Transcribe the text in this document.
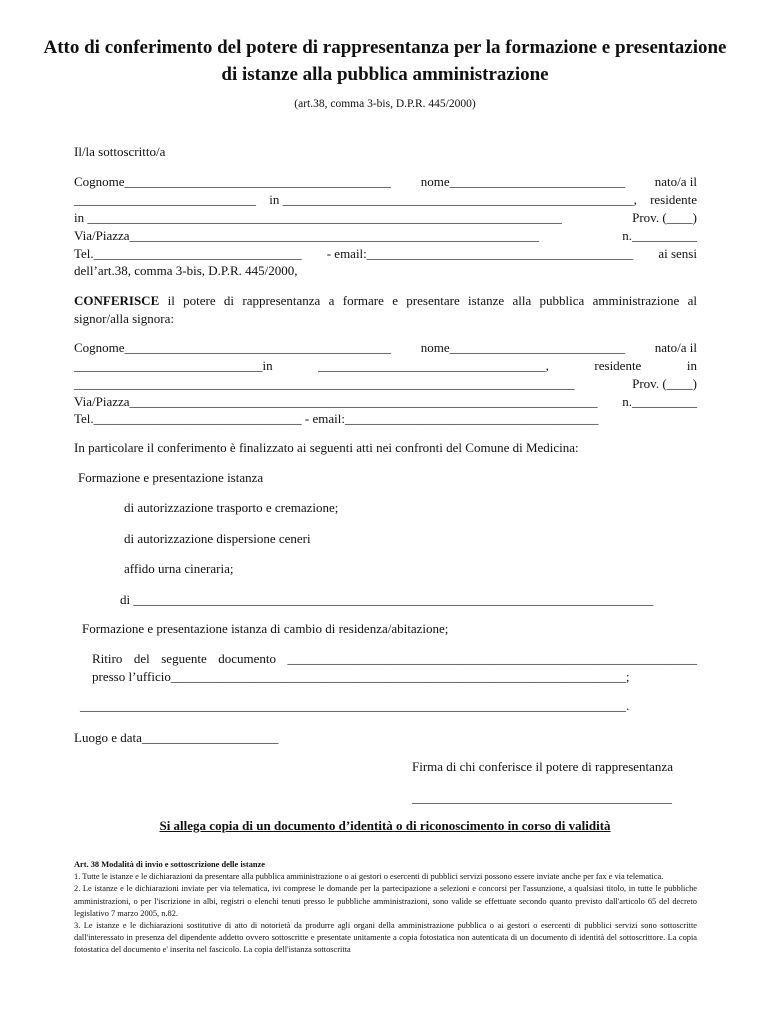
Atto di conferimento del potere di rappresentanza per la formazione e presentazione di istanze alla pubblica amministrazione
(art.38, comma 3-bis, D.P.R. 445/2000)
Il/la sottoscritto/a
Cognome_________________________________________ nome___________________________ nato/a il
____________________________ in ______________________________________________________, residente
in _________________________________________________________________________	Prov. (____)
Via/Piazza_______________________________________________________________	n.__________
Tel.________________________________ - email:_________________________________________ ai sensi
dell’art.38, comma 3-bis, D.P.R. 445/2000,
CONFERISCE il potere di rappresentanza a formare e presentare istanze alla pubblica amministrazione al
signor/alla signora:
Cognome_________________________________________ nome___________________________ nato/a il
_____________________________in	___________________________________,	residente	in
_____________________________________________________________________________	Prov. (____)
Via/Piazza________________________________________________________________________ n.__________
Tel.________________________________ - email:_______________________________________
In particolare il conferimento è finalizzato ai seguenti atti nei confronti del Comune di Medicina:
Formazione e presentazione istanza
di autorizzazione trasporto e cremazione;
di autorizzazione dispersione ceneri
affido urna cineraria;
di ________________________________________________________________________________
Formazione e presentazione istanza di cambio di residenza/abitazione;
Ritiro del seguente documento _______________________________________________________________
presso l’ufficio______________________________________________________________________;
____________________________________________________________________________________.
Luogo e data_____________________
Firma di chi conferisce il potere di rappresentanza
________________________________________
Si allega copia di un documento d’identità o di riconoscimento in corso di validità
Art. 38 Modalità di invio e sottoscrizione delle istanze
1. Tutte le istanze e le dichiarazioni da presentare alla pubblica amministrazione o ai gestori o esercenti di pubblici servizi possono essere inviate anche per fax e via telematica.
2. Le istanze e le dichiarazioni inviate per via telematica, ivi comprese le domande per la partecipazione a selezioni e concorsi per l'assunzione, a qualsiasi titolo, in tutte le pubbliche amministrazioni, o per l'iscrizione in albi, registri o elenchi tenuti presso le pubbliche amministrazioni, sono valide se effettuate secondo quanto previsto dall'articolo 65 del decreto legislativo 7 marzo 2005, n.82.
3. Le istanze e le dichiarazioni sostitutive di atto di notorietà da produrre agli organi della amministrazione pubblica o ai gestori o esercenti di pubblici servizi sono sottoscritte dall'interessato in presenza del dipendente addetto ovvero sottoscritte e presentate unitamente a copia fotostatica non autenticata di un documento di identità del sottoscrittore. La copia fotostatica del documento e' inserita nel fascicolo. La copia dell'istanza sottoscritta
